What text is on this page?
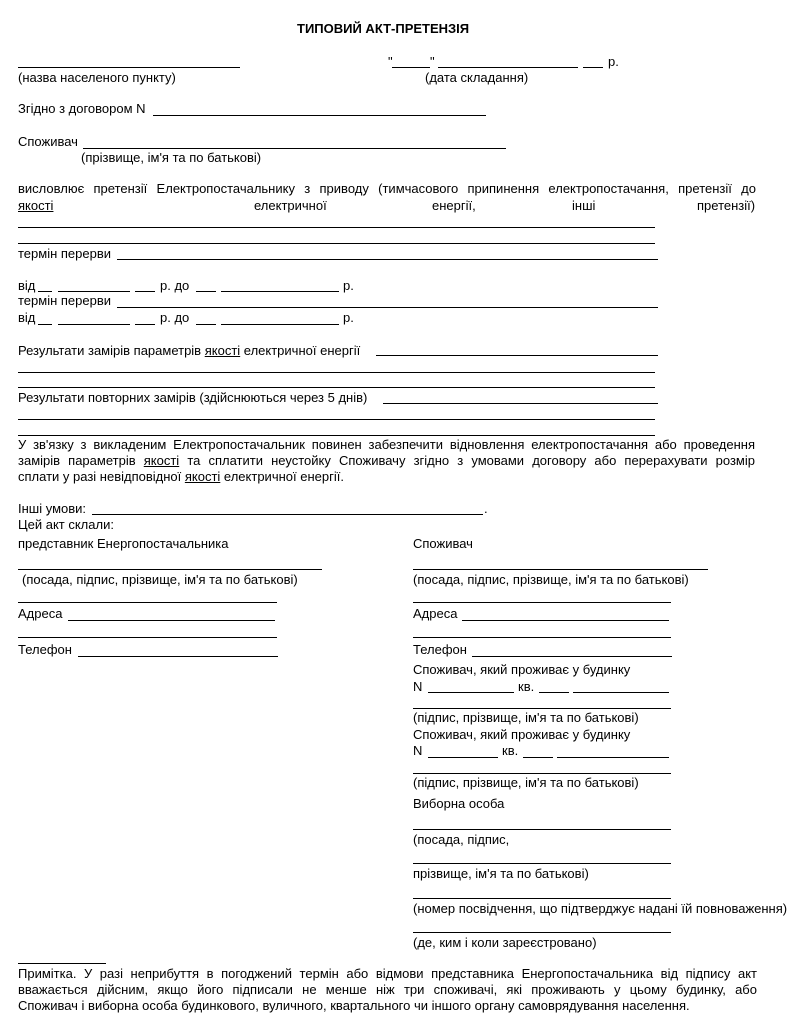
ТИПОВИЙ АКТ-ПРЕТЕНЗІЯ
"	"	р.
(назва населеного пункту)	(дата складання)
Згідно з договором N
Споживач
(прізвище, ім'я та по батькові)
висловлює претензії Електропостачальнику з приводу (тимчасового припинення електропостачання, претензії до
якості	електричної	енергії,	інші	претензії)
термін перерви
від	р. до	р.
термін перерви
від	р. до	р.
Результати замірів параметрів якості електричної енергії
Результати повторних замірів (здійснюються через 5 днів)
У зв'язку з викладеним Електропостачальник повинен забезпечити відновлення електропостачання або проведення
замірів параметрів якості та сплатити неустойку Споживачу згідно з умовами договору або перерахувати розмір
сплати у разі невідповідної якості електричної енергії.
Інші умови:	.
Цей акт склали:
представник Енергопостачальника
(посада, підпис, прізвище, ім'я та по батькові)
Адреса
Телефон
Споживач
(посада, підпис, прізвище, ім'я та по батькові)
Адреса
Телефон
Споживач, який проживає у будинку
N	кв.
(підпис, прізвище, ім'я та по батькові)
Споживач, який проживає у будинку
N	кв.
(підпис, прізвище, ім'я та по батькові)
Виборна особа
(посада, підпис,
прізвище, ім'я та по батькові)
(номер посвідчення, що підтверджує надані їй повноваження)
(де, ким і коли зареєстровано)
Примітка. У разі неприбуття в погоджений термін або відмови представника Енергопостачальника від підпису акт
вважається дійсним, якщо його підписали не менше ніж три споживачі, які проживають у цьому будинку, або
Споживач і виборна особа будинкового, вуличного, квартального чи іншого органу самоврядування населення.
